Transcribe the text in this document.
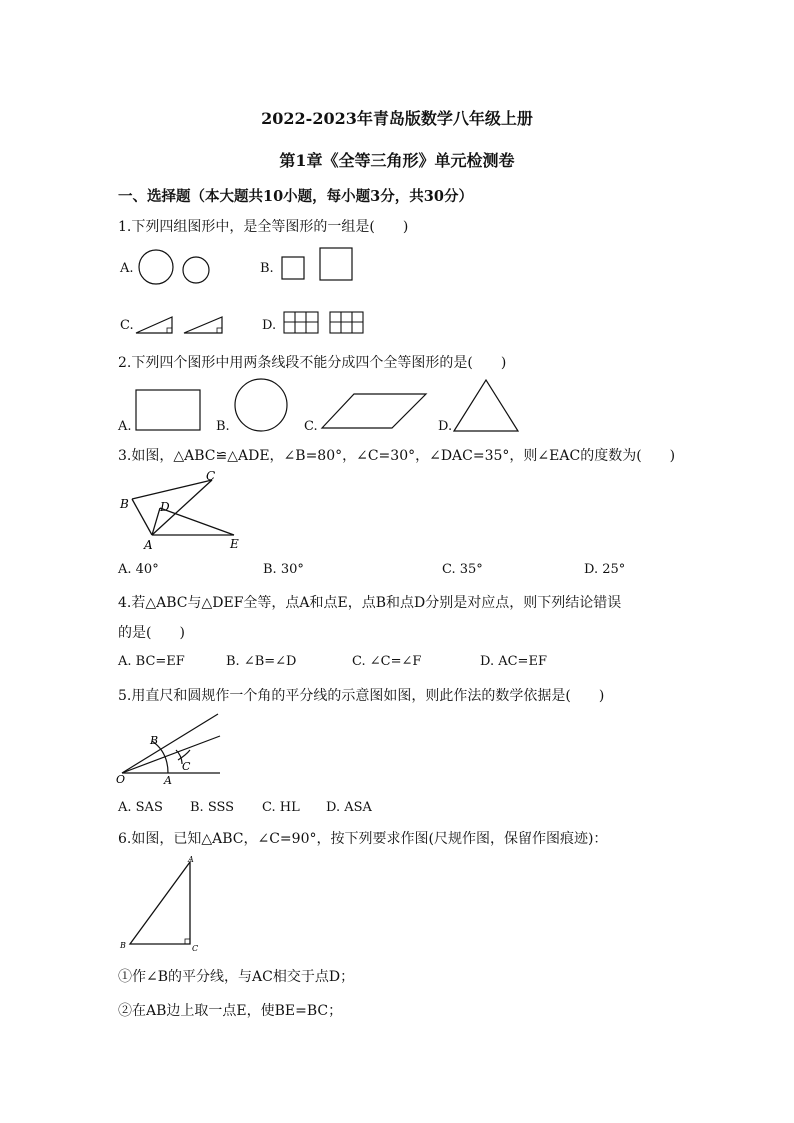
2022-2023年青岛版数学八年级上册
第1章《全等三角形》单元检测卷
一、选择题（本大题共10小题，每小题3分，共30分）
1.下列四组图形中，是全等图形的一组是(　　)
A.	B.
C.	D.
2.下列四个图形中用两条线段不能分成四个全等图形的是(　　)
A.	B.	C.	D.
3.如图，△ABC≌△ADE，∠B=80°，∠C=30°，∠DAC=35°，则∠EAC的度数为(　　)
B
C
D
A	E
A. 40°	B. 30°	C. 35°	D. 25°
4.若△ABC与△DEF全等，点A和点E，点B和点D分别是对应点，则下列结论错误
的是(　　)
A. BC=EF	B. ∠B=∠D	C. ∠C=∠F	D. AC=EF
5.用直尺和圆规作一个角的平分线的示意图如图，则此作法的数学依据是(　　)
B
C
O	A
A. SAS B. SSS C. HL D. ASA
6.如图，已知△ABC，∠C=90°，按下列要求作图(尺规作图，保留作图痕迹)：
A
B	C
①作∠B的平分线，与AC相交于点D；
②在AB边上取一点E，使BE=BC；
